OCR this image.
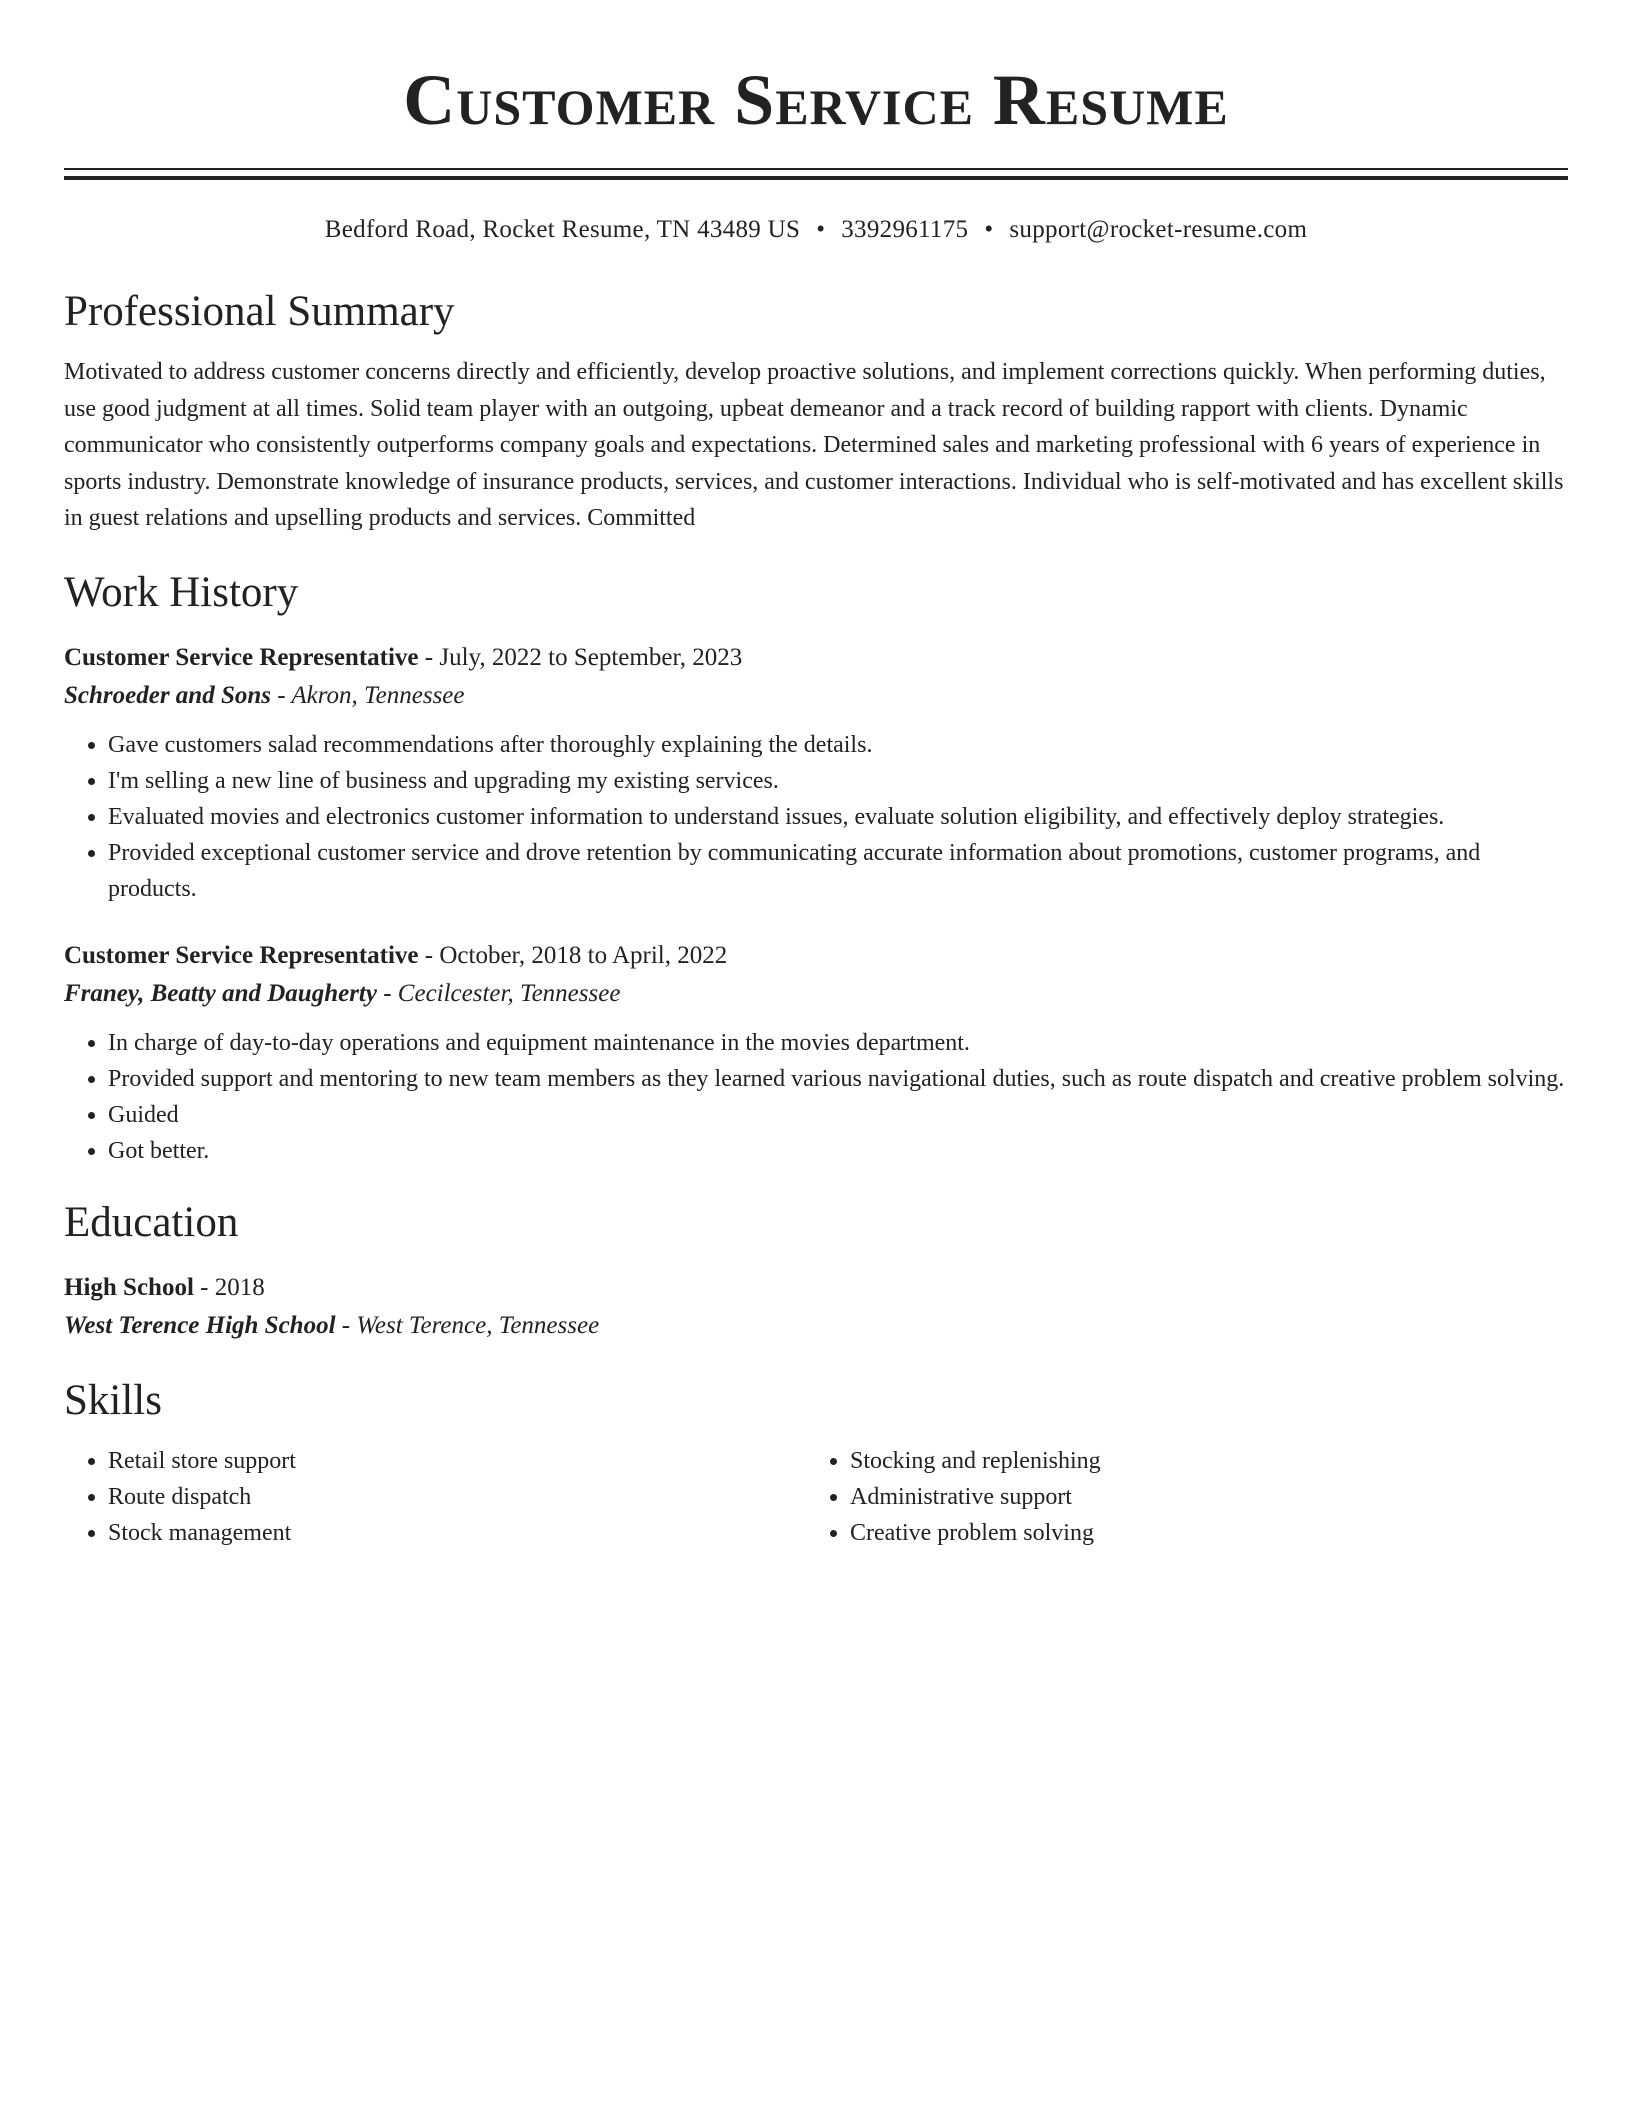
Customer Service Resume
Bedford Road, Rocket Resume, TN 43489 US • 3392961175 • support@rocket-resume.com
Professional Summary
Motivated to address customer concerns directly and efficiently, develop proactive solutions, and implement corrections quickly. When performing duties, use good judgment at all times. Solid team player with an outgoing, upbeat demeanor and a track record of building rapport with clients. Dynamic communicator who consistently outperforms company goals and expectations. Determined sales and marketing professional with 6 years of experience in sports industry. Demonstrate knowledge of insurance products, services, and customer interactions. Individual who is self-motivated and has excellent skills in guest relations and upselling products and services. Committed
Work History
Customer Service Representative - July, 2022 to September, 2023
Schroeder and Sons - Akron, Tennessee
• Gave customers salad recommendations after thoroughly explaining the details.
• I'm selling a new line of business and upgrading my existing services.
• Evaluated movies and electronics customer information to understand issues, evaluate solution eligibility, and effectively deploy strategies.
• Provided exceptional customer service and drove retention by communicating accurate information about promotions, customer programs, and products.
Customer Service Representative - October, 2018 to April, 2022
Franey, Beatty and Daugherty - Cecilcester, Tennessee
• In charge of day-to-day operations and equipment maintenance in the movies department.
• Provided support and mentoring to new team members as they learned various navigational duties, such as route dispatch and creative problem solving.
• Guided
• Got better.
Education
High School - 2018
West Terence High School - West Terence, Tennessee
Skills
• Retail store support
• Route dispatch
• Stock management
• Stocking and replenishing
• Administrative support
• Creative problem solving
